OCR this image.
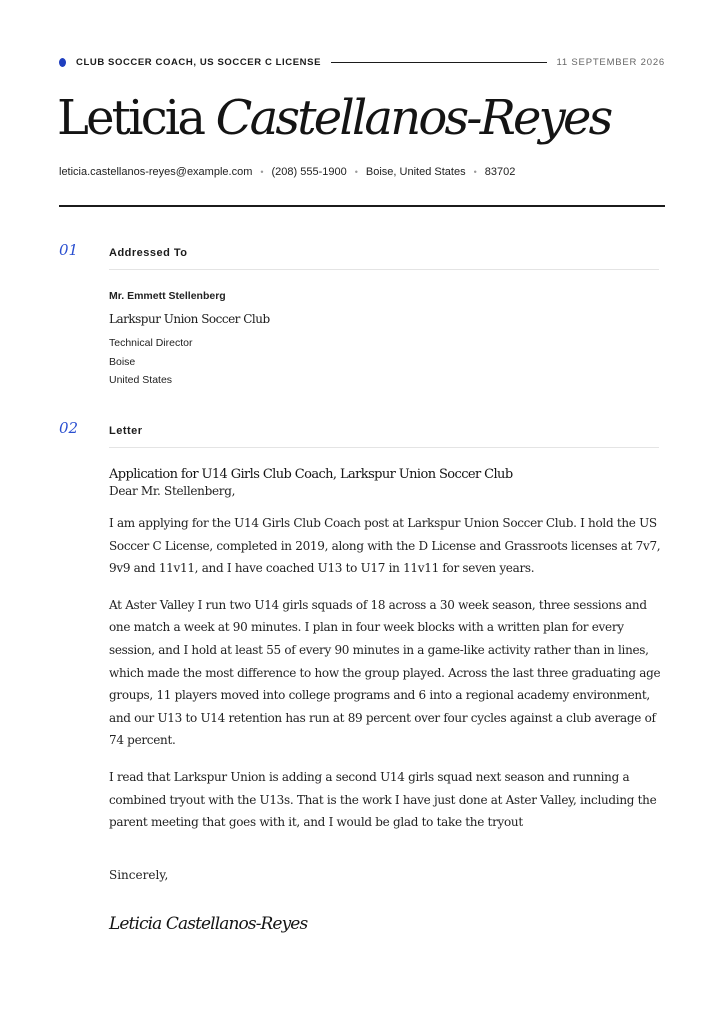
CLUB SOCCER COACH, US SOCCER C LICENSE	11 SEPTEMBER 2026
Leticia Castellanos-Reyes
leticia.castellanos-reyes@example.com • (208) 555-1900 • Boise, United States • 83702
01	Addressed To
Mr. Emmett Stellenberg
Larkspur Union Soccer Club
Technical Director
Boise
United States
02	Letter
Application for U14 Girls Club Coach, Larkspur Union Soccer Club
Dear Mr. Stellenberg,
I am applying for the U14 Girls Club Coach post at Larkspur Union Soccer Club. I hold the US Soccer C License, completed in 2019, along with the D License and Grassroots licenses at 7v7, 9v9 and 11v11, and I have coached U13 to U17 in 11v11 for seven years.
At Aster Valley I run two U14 girls squads of 18 across a 30 week season, three sessions and one match a week at 90 minutes. I plan in four week blocks with a written plan for every session, and I hold at least 55 of every 90 minutes in a game-like activity rather than in lines, which made the most difference to how the group played. Across the last three graduating age groups, 11 players moved into college programs and 6 into a regional academy environment, and our U13 to U14 retention has run at 89 percent over four cycles against a club average of 74 percent.
I read that Larkspur Union is adding a second U14 girls squad next season and running a combined tryout with the U13s. That is the work I have just done at Aster Valley, including the parent meeting that goes with it, and I would be glad to take the tryout
Sincerely,
Leticia Castellanos-Reyes
